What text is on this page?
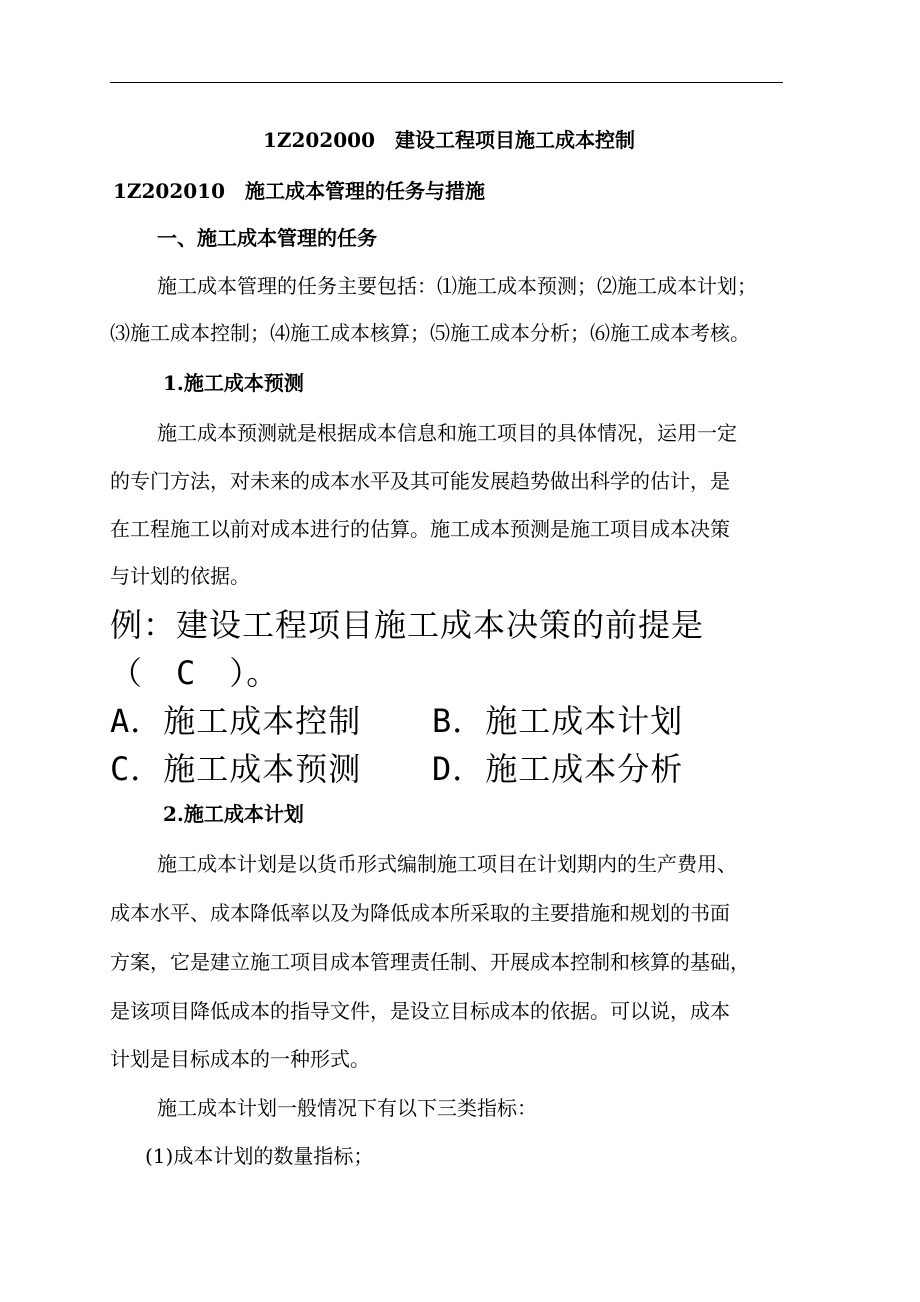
1Z202000　建设工程项目施工成本控制
1Z202010　施工成本管理的任务与措施
一、施工成本管理的任务
施工成本管理的任务主要包括：⑴施工成本预测；⑵施工成本计划；
⑶施工成本控制；⑷施工成本核算；⑸施工成本分析；⑹施工成本考核。
1.施工成本预测
施工成本预测就是根据成本信息和施工项目的具体情况，运用一定
的专门方法，对未来的成本水平及其可能发展趋势做出科学的估计，是
在工程施工以前对成本进行的估算。施工成本预测是施工项目成本决策
与计划的依据。
例：建设工程项目施工成本决策的前提是
（　C　）。
A．施工成本控制 B．施工成本计划
C．施工成本预测 D．施工成本分析
2.施工成本计划
施工成本计划是以货币形式编制施工项目在计划期内的生产费用、
成本水平、成本降低率以及为降低成本所采取的主要措施和规划的书面
方案，它是建立施工项目成本管理责任制、开展成本控制和核算的基础，
是该项目降低成本的指导文件，是设立目标成本的依据。可以说，成本
计划是目标成本的一种形式。
施工成本计划一般情况下有以下三类指标：
(1)成本计划的数量指标；
